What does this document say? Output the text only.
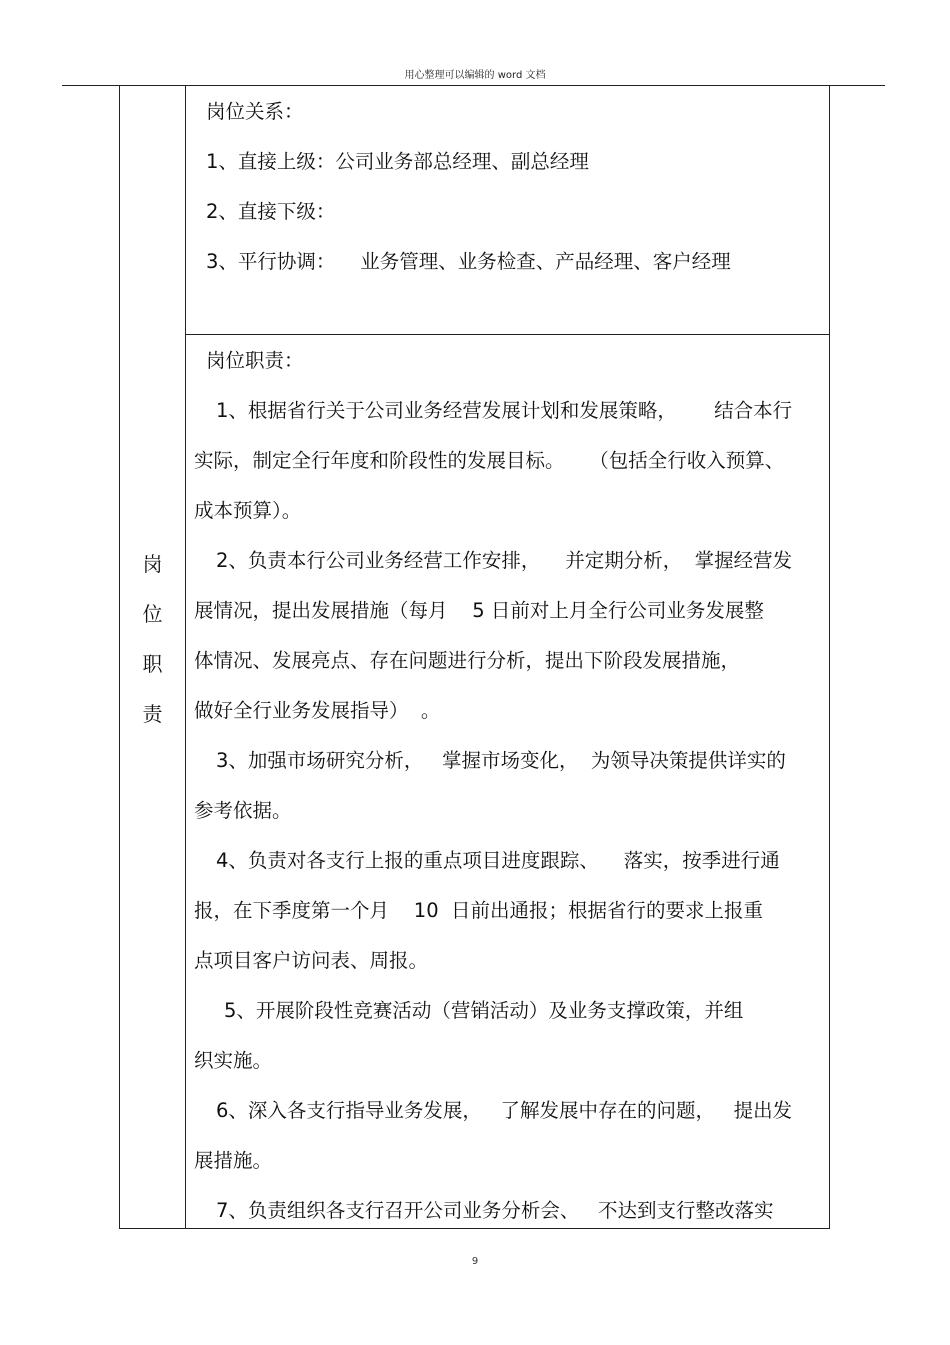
用心整理可以编辑的 word 文档
岗
位
职
责
岗位关系：
1、直接上级：公司业务部总经理、副总经理
2、直接下级：
3、平行协调：    业务管理、业务检查、产品经理、客户经理
岗位职责：
1、根据省行关于公司业务经营发展计划和发展策略，      结合本行
实际，制定全行年度和阶段性的发展目标。    （包括全行收入预算、
成本预算）。
2、负责本行公司业务经营工作安排，    并定期分析，  掌握经营发
展情况，提出发展措施（每月    5 日前对上月全行公司业务发展整
体情况、发展亮点、存在问题进行分析，提出下阶段发展措施，
做好全行业务发展指导）  。
3、加强市场研究分析，   掌握市场变化，  为领导决策提供详实的
参考依据。
4、负责对各支行上报的重点项目进度跟踪、    落实，按季进行通
报，在下季度第一个月    10  日前出通报；根据省行的要求上报重
点项目客户访问表、周报。
5、开展阶段性竞赛活动（营销活动）及业务支撑政策，并组
织实施。
6、深入各支行指导业务发展，   了解发展中存在的问题，   提出发
展措施。
7、负责组织各支行召开公司业务分析会、   不达到支行整改落实
9
